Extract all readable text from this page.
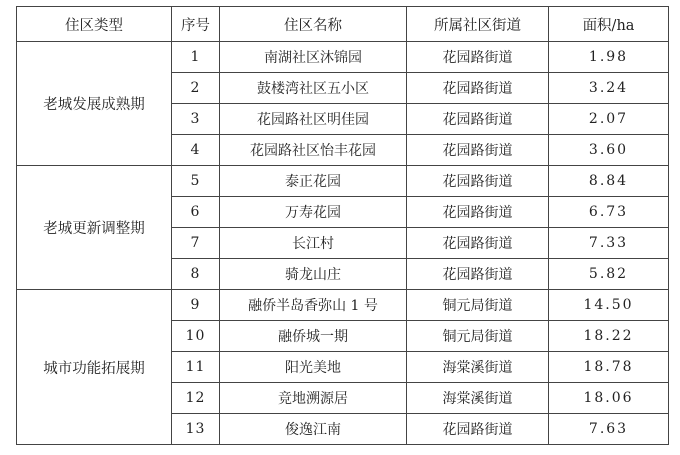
住区类型	序号	住区名称	所属社区街道	面积/ha
老城发展成熟期	1	南湖社区沐锦园	花园路街道	1.98
	2	鼓楼湾社区五小区	花园路街道	3.24
	3	花园路社区明佳园	花园路街道	2.07
	4	花园路社区怡丰花园	花园路街道	3.60
老城更新调整期	5	泰正花园	花园路街道	8.84
	6	万寿花园	花园路街道	6.73
	7	长江村	花园路街道	7.33
	8	骑龙山庄	花园路街道	5.82
城市功能拓展期	9	融侨半岛香弥山 1 号	铜元局街道	14.50
	10	融侨城一期	铜元局街道	18.22
	11	阳光美地	海棠溪街道	18.78
	12	竞地溯源居	海棠溪街道	18.06
	13	俊逸江南	花园路街道	7.63
